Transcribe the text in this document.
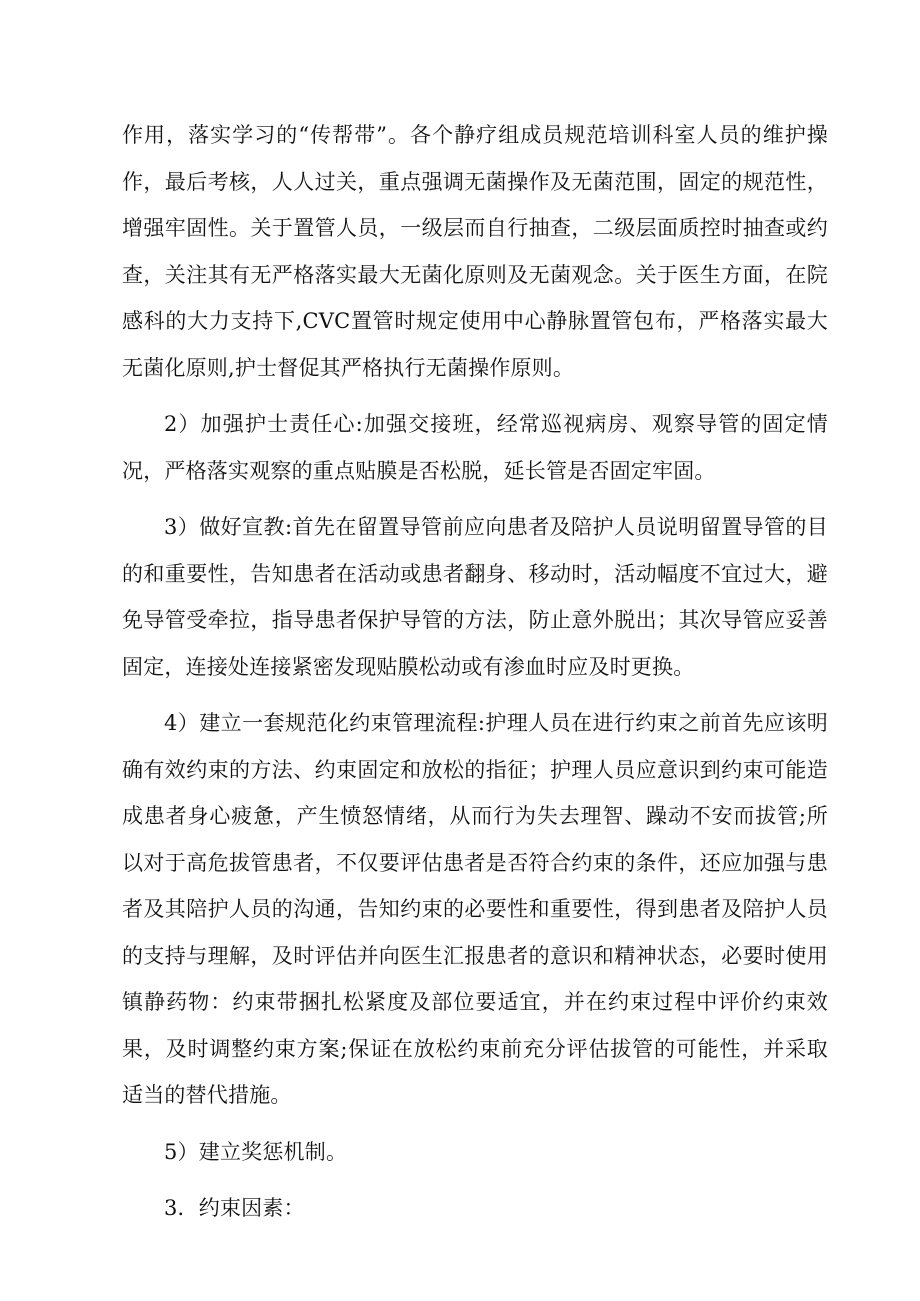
作用，落实学习的“传帮带”。各个静疗组成员规范培训科室人员的维护操作，最后考核，人人过关，重点强调无菌操作及无菌范围，固定的规范性，增强牢固性。关于置管人员，一级层而自行抽查，二级层面质控时抽查或约查，关注其有无严格落实最大无菌化原则及无菌观念。关于医生方面，在院感科的大力支持下,CVC置管时规定使用中心静脉置管包布，严格落实最大无菌化原则,护士督促其严格执行无菌操作原则。

2）加强护士责任心:加强交接班，经常巡视病房、观察导管的固定情况，严格落实观察的重点贴膜是否松脱，延长管是否固定牢固。

3）做好宣教:首先在留置导管前应向患者及陪护人员说明留置导管的目的和重要性，告知患者在活动或患者翻身、移动时，活动幅度不宜过大，避免导管受牵拉，指导患者保护导管的方法，防止意外脱出；其次导管应妥善固定，连接处连接紧密发现贴膜松动或有渗血时应及时更换。

4）建立一套规范化约束管理流程:护理人员在进行约束之前首先应该明确有效约束的方法、约束固定和放松的指征；护理人员应意识到约束可能造成患者身心疲惫，产生愤怒情绪，从而行为失去理智、躁动不安而拔管;所以对于高危拔管患者，不仅要评估患者是否符合约束的条件，还应加强与患者及其陪护人员的沟通，告知约束的必要性和重要性，得到患者及陪护人员的支持与理解，及时评估并向医生汇报患者的意识和精神状态，必要时使用镇静药物：约束带捆扎松紧度及部位要适宜，并在约束过程中评价约束效果，及时调整约束方案;保证在放松约束前充分评估拔管的可能性，并采取适当的替代措施。

5）建立奖惩机制。

3．约束因素：
